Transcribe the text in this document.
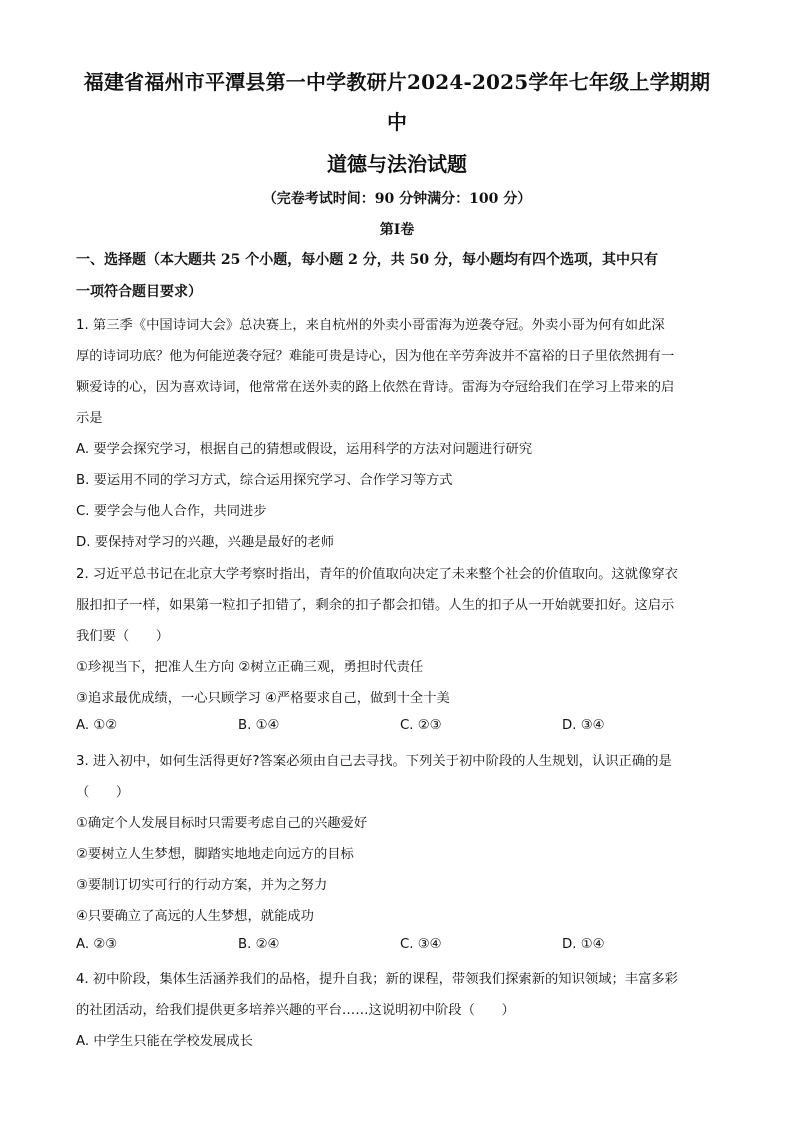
福建省福州市平潭县第一中学教研片2024-2025学年七年级上学期期
中
道德与法治试题
（完卷考试时间：90 分钟满分：100 分）
第Ⅰ卷
一、选择题（本大题共 25 个小题，每小题 2 分，共 50 分，每小题均有四个选项，其中只有
一项符合题目要求）
1. 第三季《中国诗词大会》总决赛上，来自杭州的外卖小哥雷海为逆袭夺冠。外卖小哥为何有如此深
厚的诗词功底？他为何能逆袭夺冠？难能可贵是诗心，因为他在辛劳奔波并不富裕的日子里依然拥有一
颗爱诗的心，因为喜欢诗词，他常常在送外卖的路上依然在背诗。雷海为夺冠给我们在学习上带来的启
示是
A. 要学会探究学习，根据自己的猜想或假设，运用科学的方法对问题进行研究
B. 要运用不同的学习方式，综合运用探究学习、合作学习等方式
C. 要学会与他人合作，共同进步
D. 要保持对学习的兴趣，兴趣是最好的老师
2. 习近平总书记在北京大学考察时指出，青年的价值取向决定了未来整个社会的价值取向。这就像穿衣
服扣扣子一样，如果第一粒扣子扣错了，剩余的扣子都会扣错。人生的扣子从一开始就要扣好。这启示
我们要（　　）
①珍视当下，把准人生方向 ②树立正确三观，勇担时代责任
③追求最优成绩，一心只顾学习 ④严格要求自己，做到十全十美
A. ①②	B. ①④	C. ②③	D. ③④
3. 进入初中，如何生活得更好?答案必须由自己去寻找。下列关于初中阶段的人生规划，认识正确的是
（　　）
①确定个人发展目标时只需要考虑自己的兴趣爱好
②要树立人生梦想，脚踏实地地走向远方的目标
③要制订切实可行的行动方案，并为之努力
④只要确立了高远的人生梦想，就能成功
A. ②③	B. ②④	C. ③④	D. ①④
4. 初中阶段，集体生活涵养我们的品格，提升自我；新的课程，带领我们探索新的知识领域；丰富多彩
的社团活动，给我们提供更多培养兴趣的平台……这说明初中阶段（　　）
A. 中学生只能在学校发展成长
